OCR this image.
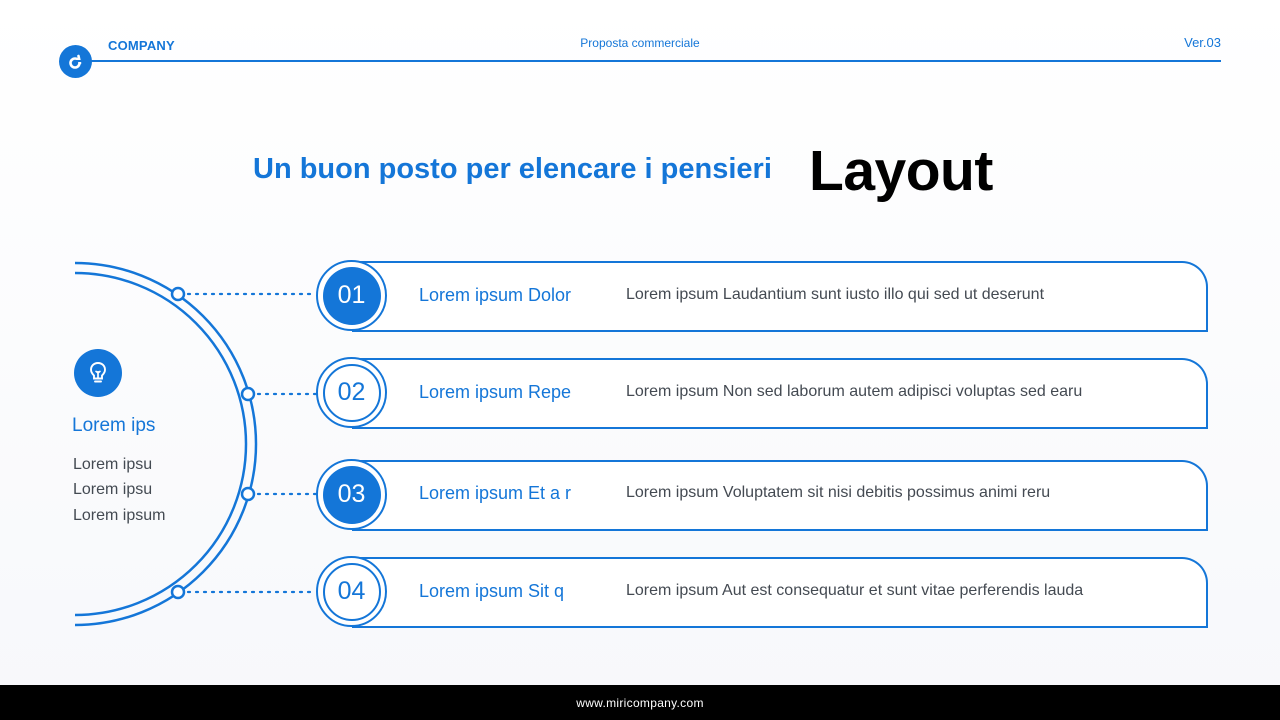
COMPANY	Proposta commerciale	Ver.03
Un buon posto per elencare i pensieri Layout
Lorem ips
Lorem ipsu
Lorem ipsu
Lorem ipsum
01	Lorem ipsum Dolor	Lorem ipsum Laudantium sunt iusto illo qui sed ut deserunt
02	Lorem ipsum Repe	Lorem ipsum Non sed laborum autem adipisci voluptas sed earu
03	Lorem ipsum Et a r	Lorem ipsum Voluptatem sit nisi debitis possimus animi reru
04	Lorem ipsum Sit q	Lorem ipsum Aut est consequatur et sunt vitae perferendis lauda
www.miricompany.com
